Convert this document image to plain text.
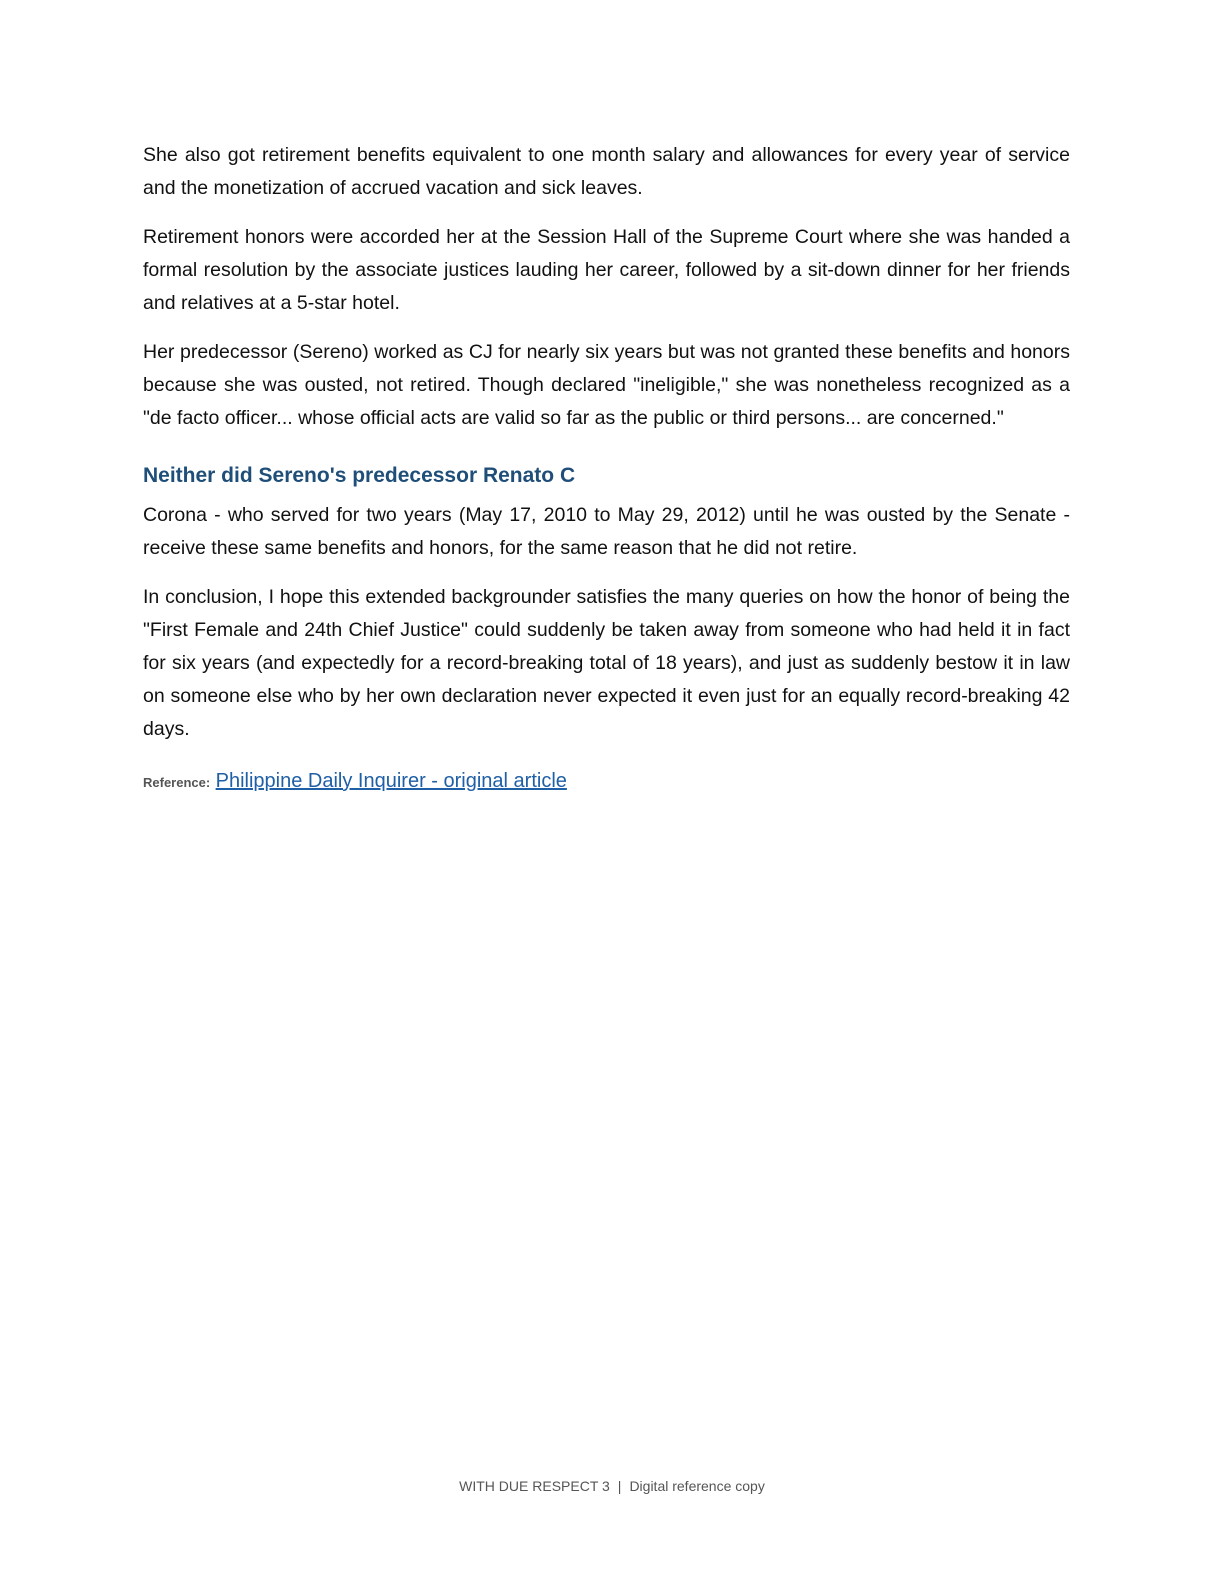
She also got retirement benefits equivalent to one month salary and allowances for every year of service and the monetization of accrued vacation and sick leaves.

Retirement honors were accorded her at the Session Hall of the Supreme Court where she was handed a formal resolution by the associate justices lauding her career, followed by a sit-down dinner for her friends and relatives at a 5-star hotel.

Her predecessor (Sereno) worked as CJ for nearly six years but was not granted these benefits and honors because she was ousted, not retired. Though declared "ineligible," she was nonetheless recognized as a "de facto officer... whose official acts are valid so far as the public or third persons... are concerned."

Neither did Sereno's predecessor Renato C

Corona - who served for two years (May 17, 2010 to May 29, 2012) until he was ousted by the Senate - receive these same benefits and honors, for the same reason that he did not retire.

In conclusion, I hope this extended backgrounder satisfies the many queries on how the honor of being the "First Female and 24th Chief Justice" could suddenly be taken away from someone who had held it in fact for six years (and expectedly for a record-breaking total of 18 years), and just as suddenly bestow it in law on someone else who by her own declaration never expected it even just for an equally record-breaking 42 days.

Reference: Philippine Daily Inquirer - original article
WITH DUE RESPECT 3 | Digital reference copy
